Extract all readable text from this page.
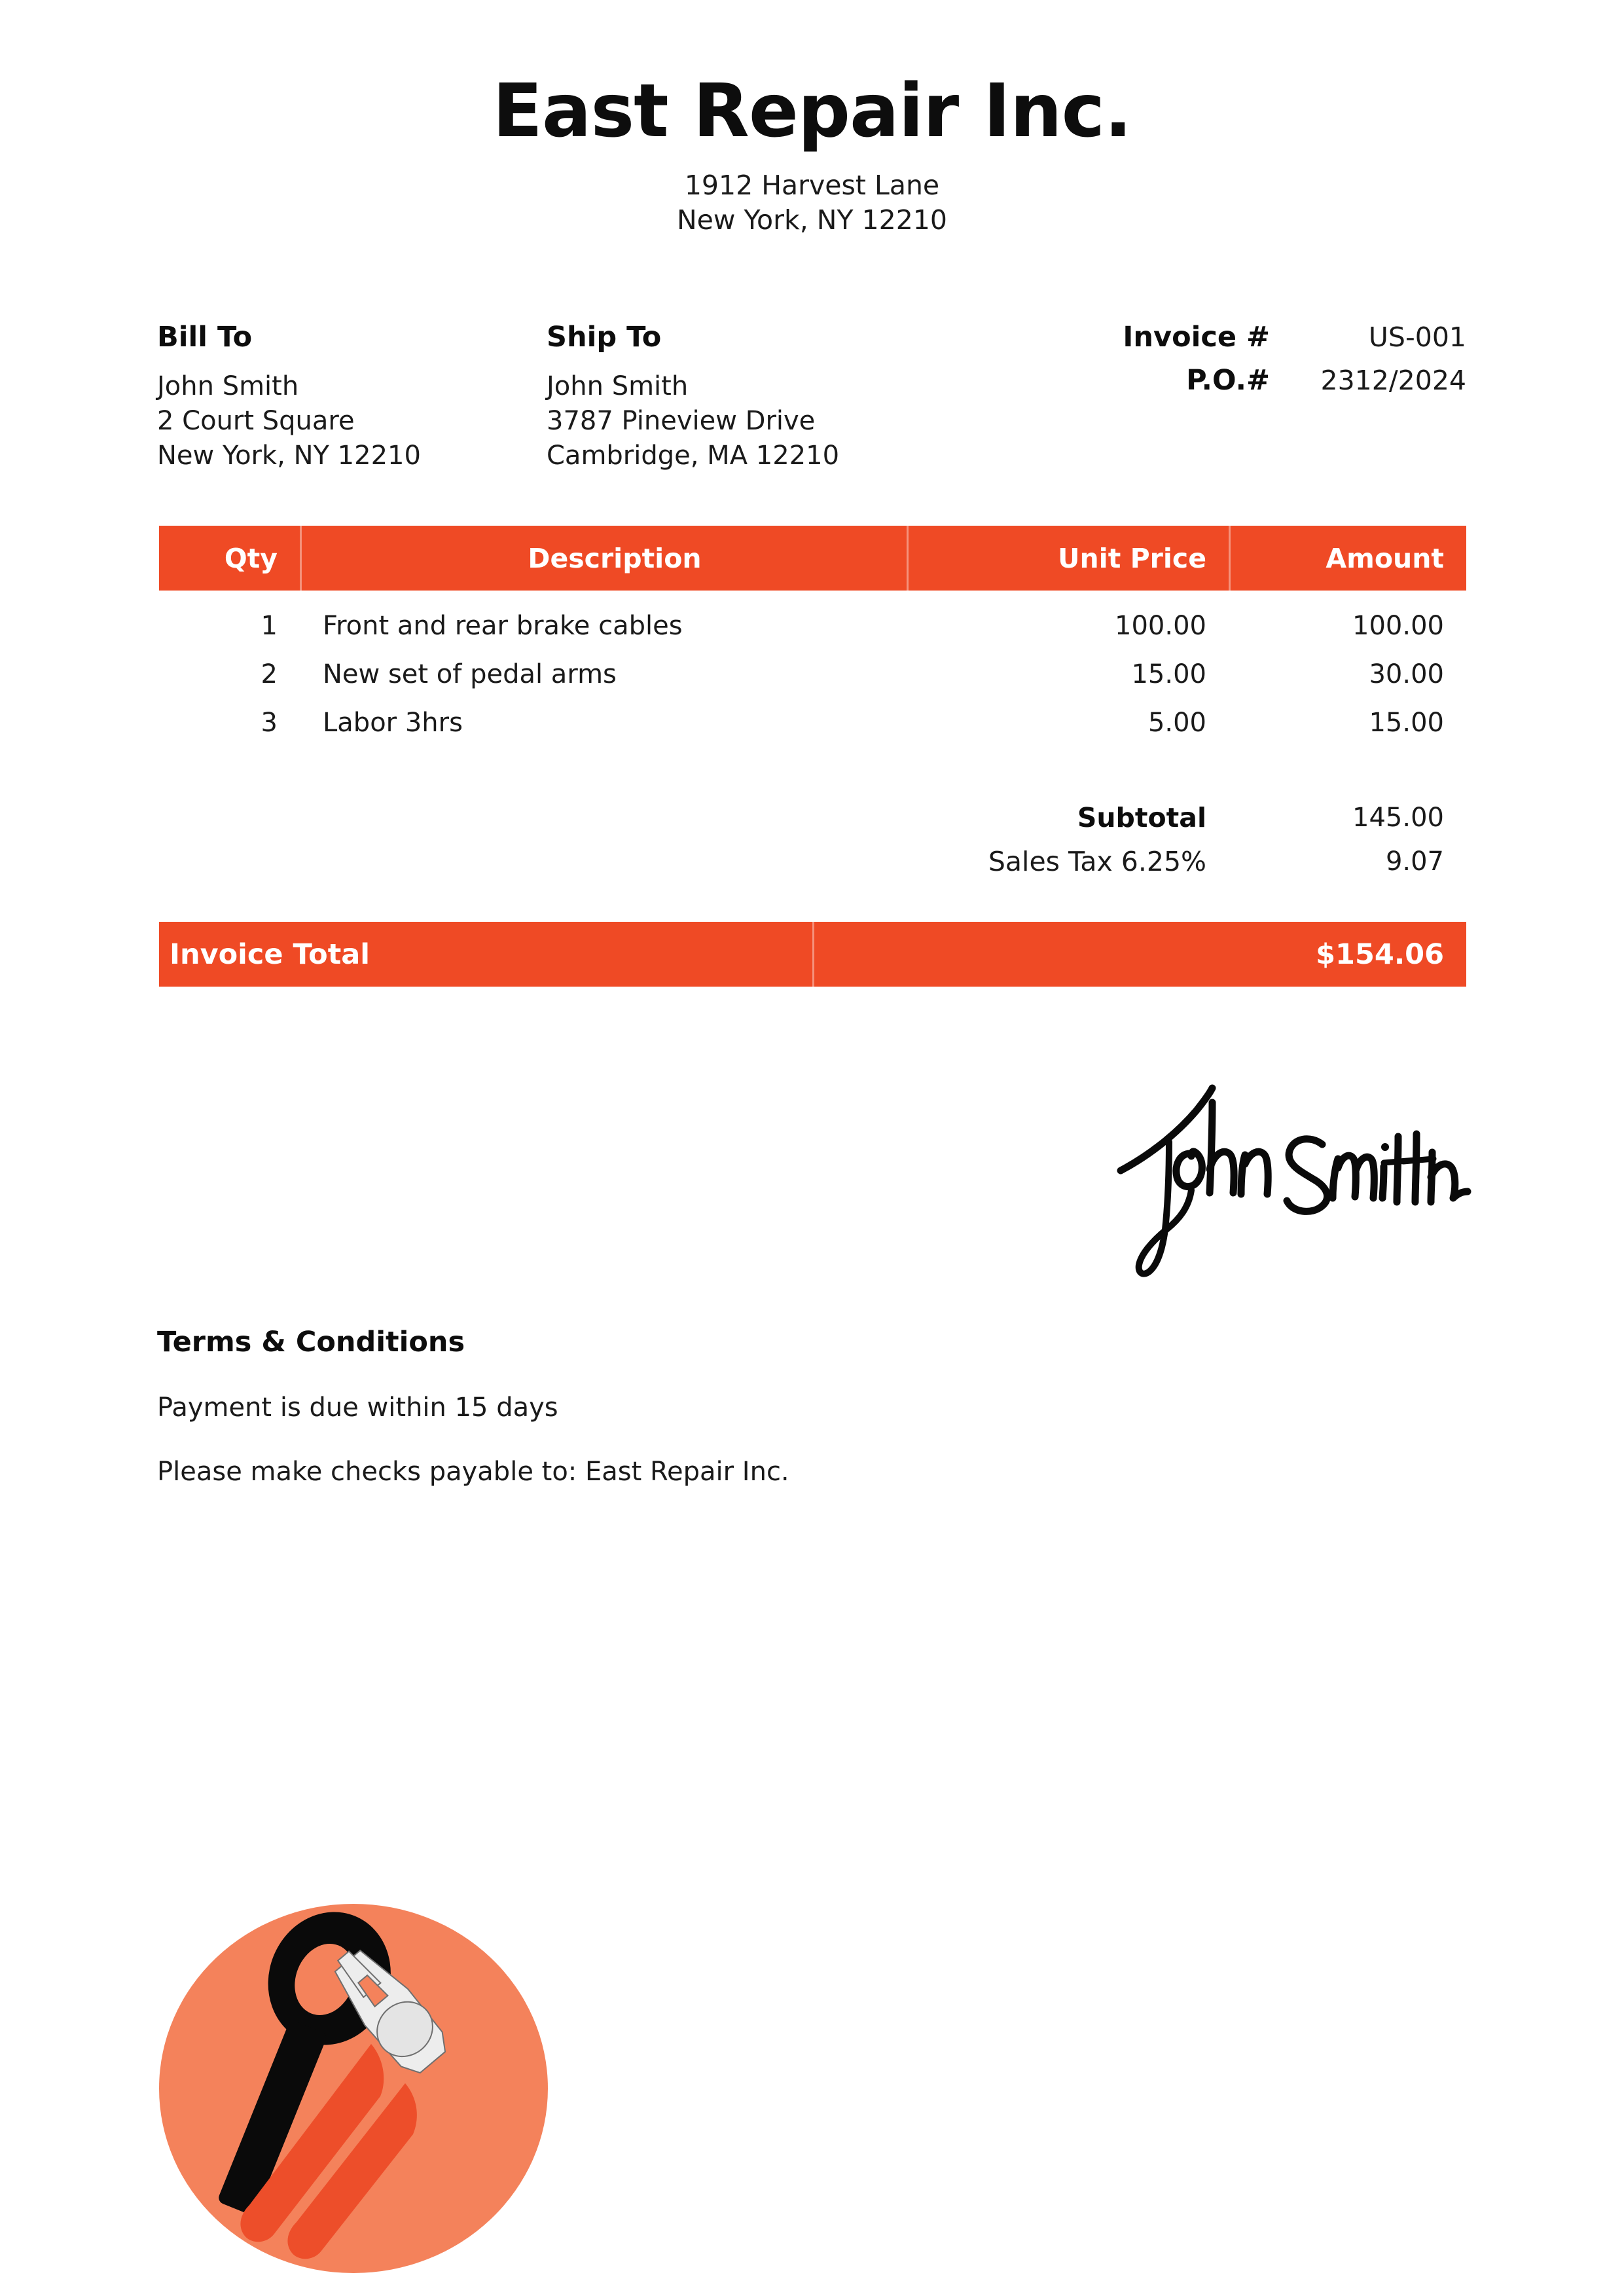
East Repair Inc.
1912 Harvest Lane
New York, NY 12210
Bill To
John Smith
2 Court Square
New York, NY 12210
Ship To
John Smith
3787 Pineview Drive
Cambridge, MA 12210
Invoice #	US-001
P.O.#	2312/2024
Qty	Description	Unit Price	Amount
1	Front and rear brake cables	100.00	100.00
2	New set of pedal arms	15.00	30.00
3	Labor 3hrs	5.00	15.00
Subtotal	145.00
Sales Tax 6.25%	9.07
Invoice Total	$154.06
Terms & Conditions
Payment is due within 15 days
Please make checks payable to: East Repair Inc.
